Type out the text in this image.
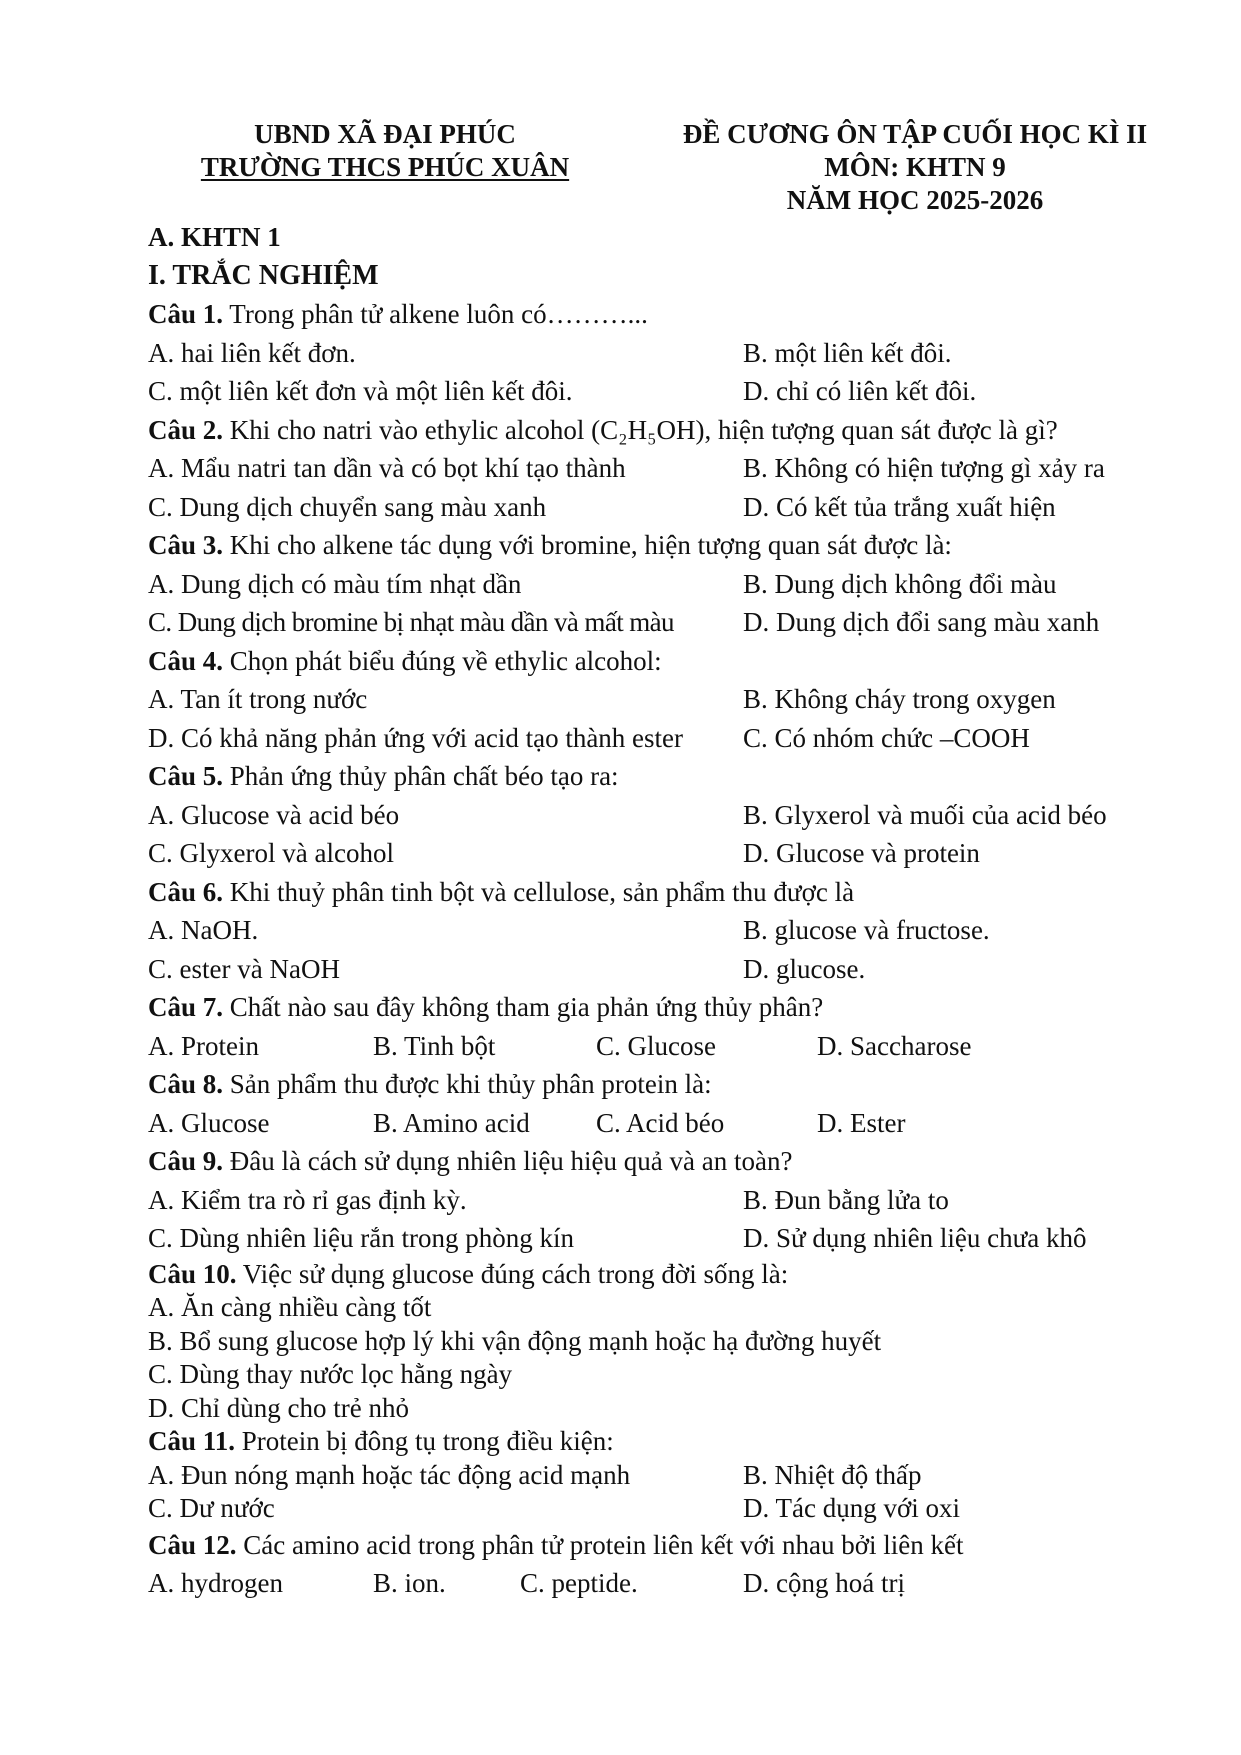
UBND XÃ ĐẠI PHÚC
TRƯỜNG THCS PHÚC XUÂN
ĐỀ CƯƠNG ÔN TẬP CUỐI HỌC KÌ II
MÔN: KHTN 9
NĂM HỌC 2025-2026
A. KHTN 1
I. TRẮC NGHIỆM
Câu 1. Trong phân tử alkene luôn có………...
A. hai liên kết đơn.	B. một liên kết đôi.
C. một liên kết đơn và một liên kết đôi.	D. chỉ có liên kết đôi.
Câu 2. Khi cho natri vào ethylic alcohol (C₂H₅OH), hiện tượng quan sát được là gì?
A. Mẩu natri tan dần và có bọt khí tạo thành	B. Không có hiện tượng gì xảy ra
C. Dung dịch chuyển sang màu xanh	D. Có kết tủa trắng xuất hiện
Câu 3. Khi cho alkene tác dụng với bromine, hiện tượng quan sát được là:
A. Dung dịch có màu tím nhạt dần	B. Dung dịch không đổi màu
C. Dung dịch bromine bị nhạt màu dần và mất màu	D. Dung dịch đổi sang màu xanh
Câu 4. Chọn phát biểu đúng về ethylic alcohol:
A. Tan ít trong nước	B. Không cháy trong oxygen
D. Có khả năng phản ứng với acid tạo thành ester C. Có nhóm chức –COOH
Câu 5. Phản ứng thủy phân chất béo tạo ra:
A. Glucose và acid béo	B. Glyxerol và muối của acid béo
C. Glyxerol và alcohol	D. Glucose và protein
Câu 6. Khi thuỷ phân tinh bột và cellulose, sản phẩm thu được là
A. NaOH.	B. glucose và fructose.
C. ester và NaOH	D. glucose.
Câu 7. Chất nào sau đây không tham gia phản ứng thủy phân?
A. Protein	B. Tinh bột	C. Glucose	D. Saccharose
Câu 8. Sản phẩm thu được khi thủy phân protein là:
A. Glucose	B. Amino acid C. Acid béo	D. Ester
Câu 9. Đâu là cách sử dụng nhiên liệu hiệu quả và an toàn?
A. Kiểm tra rò rỉ gas định kỳ.	B. Đun bằng lửa to
C. Dùng nhiên liệu rắn trong phòng kín	D. Sử dụng nhiên liệu chưa khô
Câu 10. Việc sử dụng glucose đúng cách trong đời sống là:
A. Ăn càng nhiều càng tốt
B. Bổ sung glucose hợp lý khi vận động mạnh hoặc hạ đường huyết
C. Dùng thay nước lọc hằng ngày
D. Chỉ dùng cho trẻ nhỏ
Câu 11. Protein bị đông tụ trong điều kiện:
A. Đun nóng mạnh hoặc tác động acid mạnh	B. Nhiệt độ thấp
C. Dư nước	D. Tác dụng với oxi
Câu 12. Các amino acid trong phân tử protein liên kết với nhau bởi liên kết
A. hydrogen	B. ion.	C. peptide.	D. cộng hoá trị
